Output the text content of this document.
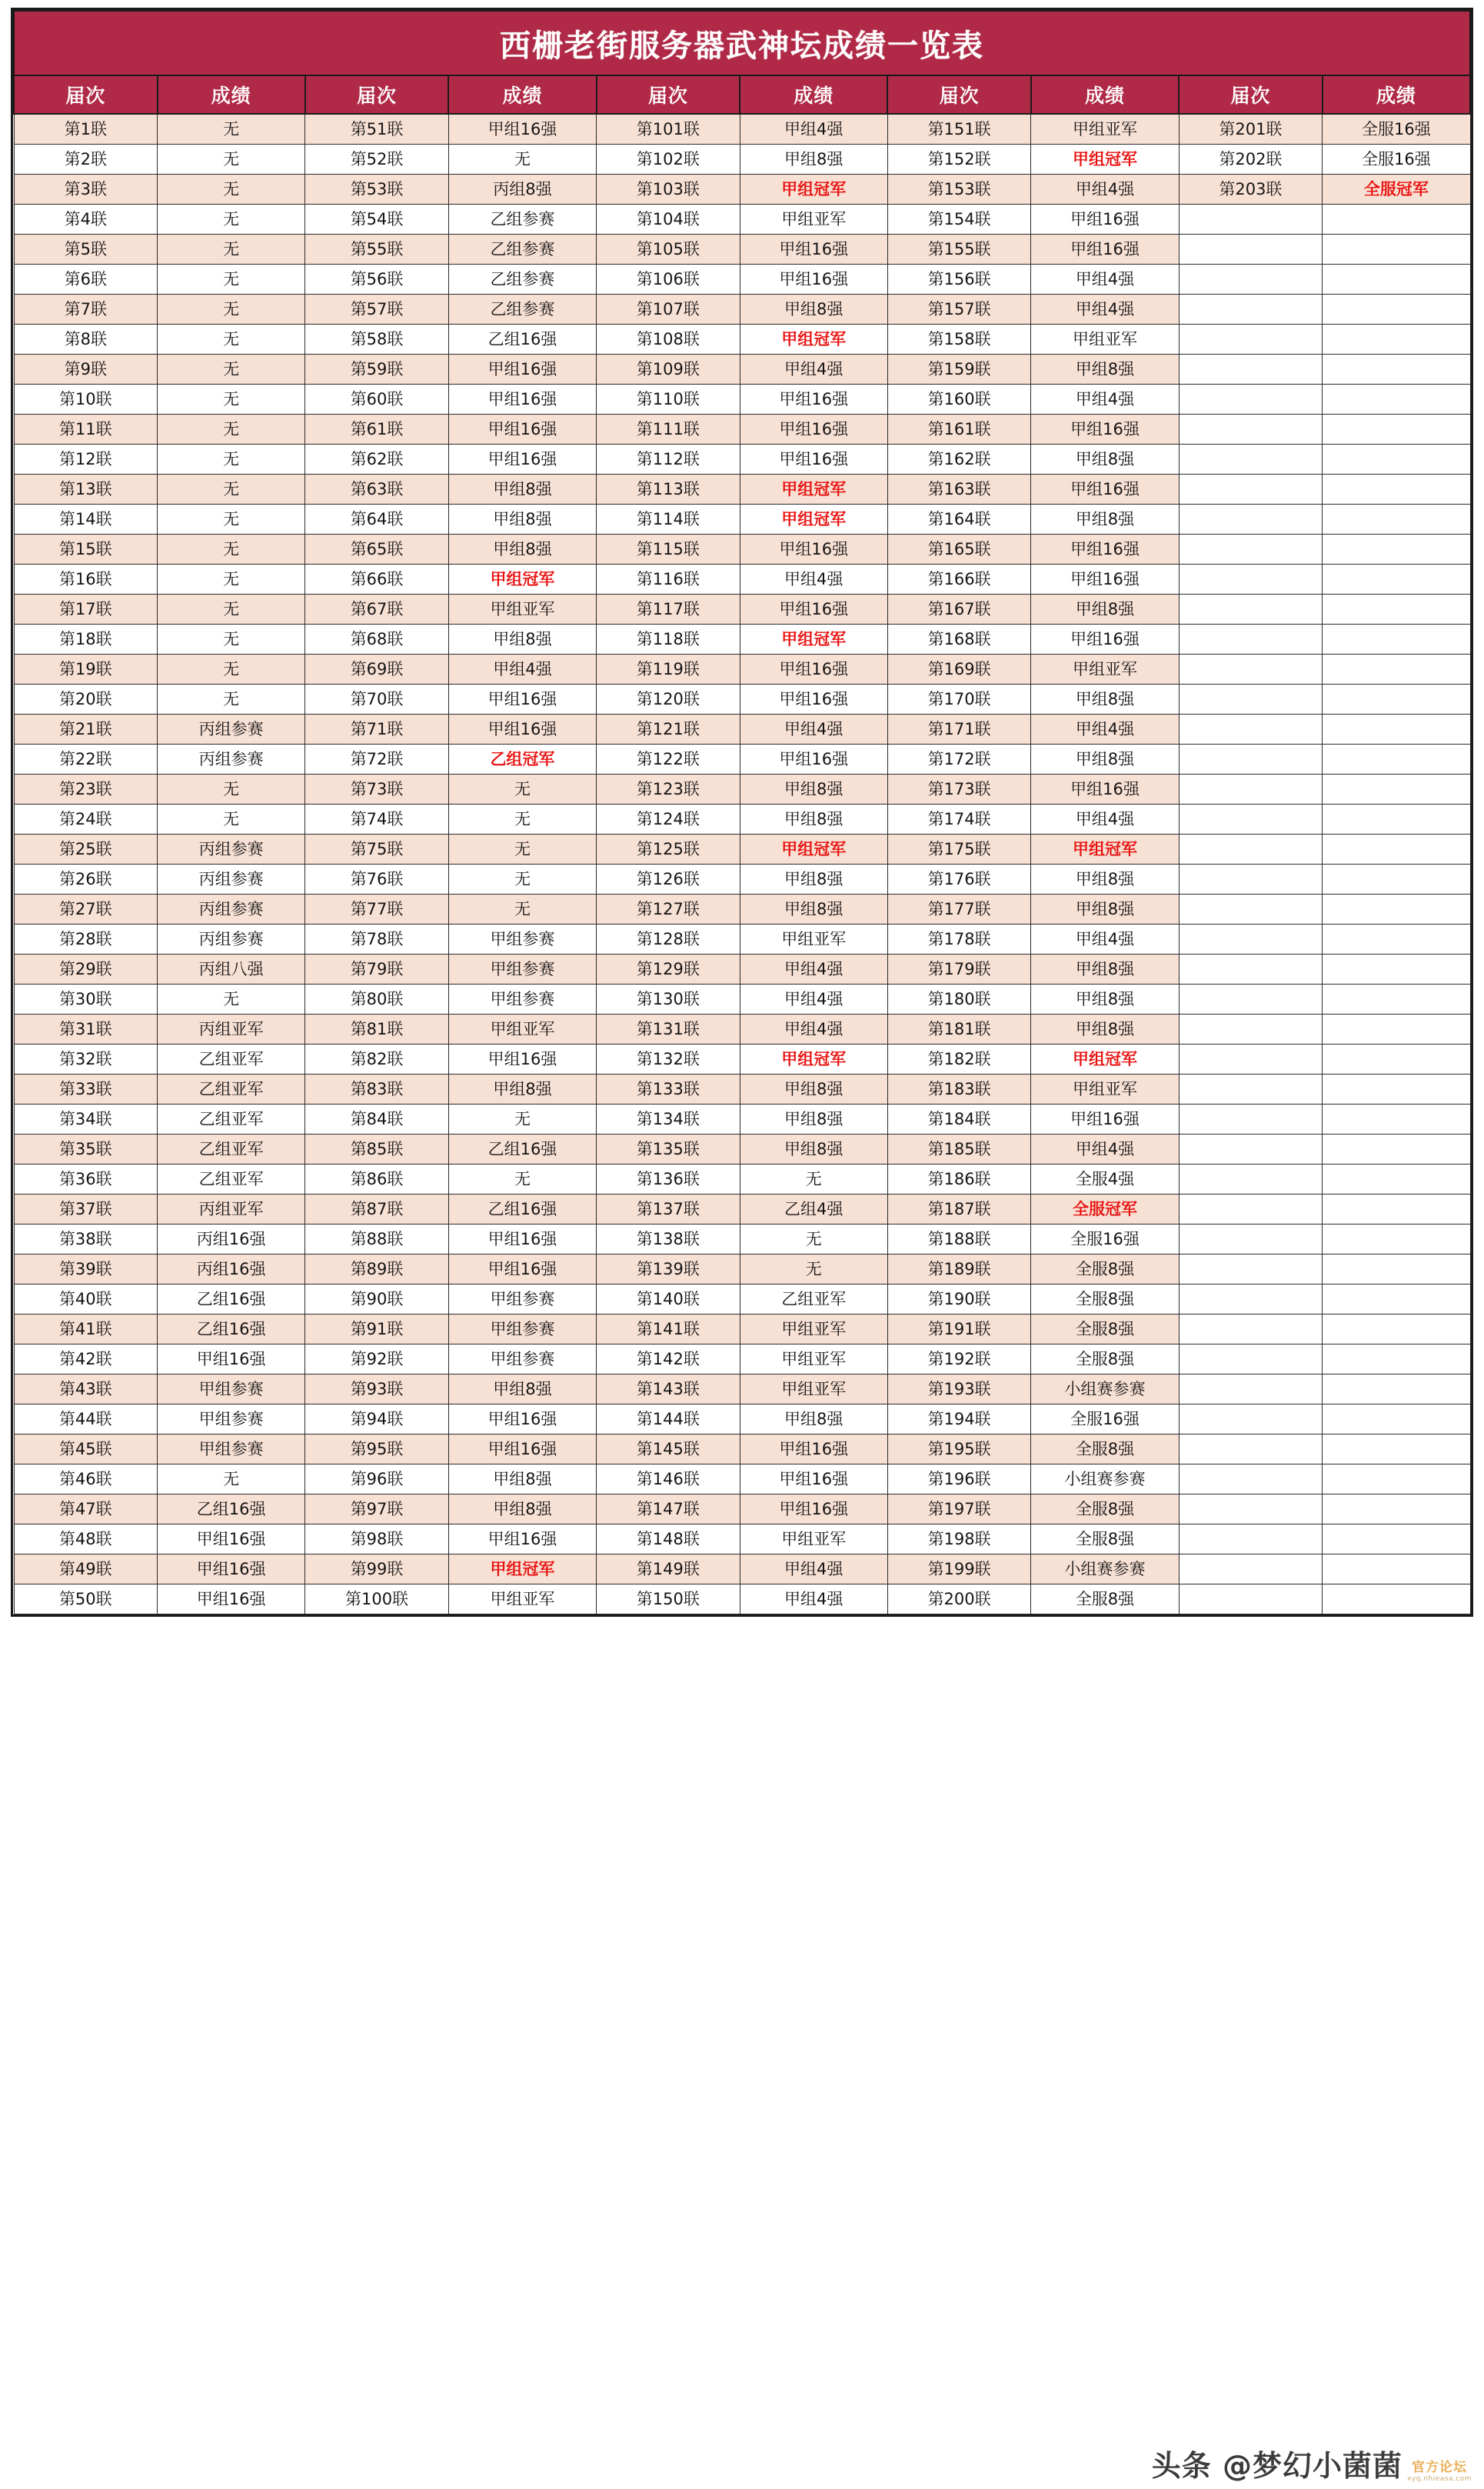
西栅老街服务器武神坛成绩一览表									
届次	成绩	届次	成绩	届次	成绩	届次	成绩	届次	成绩
第1联	无	第51联	甲组16强	第101联	甲组4强	第151联	甲组亚军	第201联	全服16强
第2联	无	第52联	无	第102联	甲组8强	第152联	甲组冠军	第202联	全服16强
第3联	无	第53联	丙组8强	第103联	甲组冠军	第153联	甲组4强	第203联	全服冠军
第4联	无	第54联	乙组参赛	第104联	甲组亚军	第154联	甲组16强		
第5联	无	第55联	乙组参赛	第105联	甲组16强	第155联	甲组16强		
第6联	无	第56联	乙组参赛	第106联	甲组16强	第156联	甲组4强		
第7联	无	第57联	乙组参赛	第107联	甲组8强	第157联	甲组4强		
第8联	无	第58联	乙组16强	第108联	甲组冠军	第158联	甲组亚军		
第9联	无	第59联	甲组16强	第109联	甲组4强	第159联	甲组8强		
第10联	无	第60联	甲组16强	第110联	甲组16强	第160联	甲组4强		
第11联	无	第61联	甲组16强	第111联	甲组16强	第161联	甲组16强		
第12联	无	第62联	甲组16强	第112联	甲组16强	第162联	甲组8强		
第13联	无	第63联	甲组8强	第113联	甲组冠军	第163联	甲组16强		
第14联	无	第64联	甲组8强	第114联	甲组冠军	第164联	甲组8强		
第15联	无	第65联	甲组8强	第115联	甲组16强	第165联	甲组16强		
第16联	无	第66联	甲组冠军	第116联	甲组4强	第166联	甲组16强		
第17联	无	第67联	甲组亚军	第117联	甲组16强	第167联	甲组8强		
第18联	无	第68联	甲组8强	第118联	甲组冠军	第168联	甲组16强		
第19联	无	第69联	甲组4强	第119联	甲组16强	第169联	甲组亚军		
第20联	无	第70联	甲组16强	第120联	甲组16强	第170联	甲组8强		
第21联	丙组参赛	第71联	甲组16强	第121联	甲组4强	第171联	甲组4强		
第22联	丙组参赛	第72联	乙组冠军	第122联	甲组16强	第172联	甲组8强		
第23联	无	第73联	无	第123联	甲组8强	第173联	甲组16强		
第24联	无	第74联	无	第124联	甲组8强	第174联	甲组4强		
第25联	丙组参赛	第75联	无	第125联	甲组冠军	第175联	甲组冠军		
第26联	丙组参赛	第76联	无	第126联	甲组8强	第176联	甲组8强		
第27联	丙组参赛	第77联	无	第127联	甲组8强	第177联	甲组8强		
第28联	丙组参赛	第78联	甲组参赛	第128联	甲组亚军	第178联	甲组4强		
第29联	丙组八强	第79联	甲组参赛	第129联	甲组4强	第179联	甲组8强		
第30联	无	第80联	甲组参赛	第130联	甲组4强	第180联	甲组8强		
第31联	丙组亚军	第81联	甲组亚军	第131联	甲组4强	第181联	甲组8强		
第32联	乙组亚军	第82联	甲组16强	第132联	甲组冠军	第182联	甲组冠军		
第33联	乙组亚军	第83联	甲组8强	第133联	甲组8强	第183联	甲组亚军		
第34联	乙组亚军	第84联	无	第134联	甲组8强	第184联	甲组16强		
第35联	乙组亚军	第85联	乙组16强	第135联	甲组8强	第185联	甲组4强		
第36联	乙组亚军	第86联	无	第136联	无	第186联	全服4强		
第37联	丙组亚军	第87联	乙组16强	第137联	乙组4强	第187联	全服冠军		
第38联	丙组16强	第88联	甲组16强	第138联	无	第188联	全服16强		
第39联	丙组16强	第89联	甲组16强	第139联	无	第189联	全服8强		
第40联	乙组16强	第90联	甲组参赛	第140联	乙组亚军	第190联	全服8强		
第41联	乙组16强	第91联	甲组参赛	第141联	甲组亚军	第191联	全服8强		
第42联	甲组16强	第92联	甲组参赛	第142联	甲组亚军	第192联	全服8强		
第43联	甲组参赛	第93联	甲组8强	第143联	甲组亚军	第193联	小组赛参赛		
第44联	甲组参赛	第94联	甲组16强	第144联	甲组8强	第194联	全服16强		
第45联	甲组参赛	第95联	甲组16强	第145联	甲组16强	第195联	全服8强		
第46联	无	第96联	甲组8强	第146联	甲组16强	第196联	小组赛参赛		
第47联	乙组16强	第97联	甲组8强	第147联	甲组16强	第197联	全服8强		
第48联	甲组16强	第98联	甲组16强	第148联	甲组亚军	第198联	全服8强		
第49联	甲组16强	第99联	甲组冠军	第149联	甲组4强	第199联	小组赛参赛		
第50联	甲组16强	第100联	甲组亚军	第150联	甲组4强	第200联	全服8强		
头条 @梦幻小菌菌 官方论坛
xyq.nhieasa.com
